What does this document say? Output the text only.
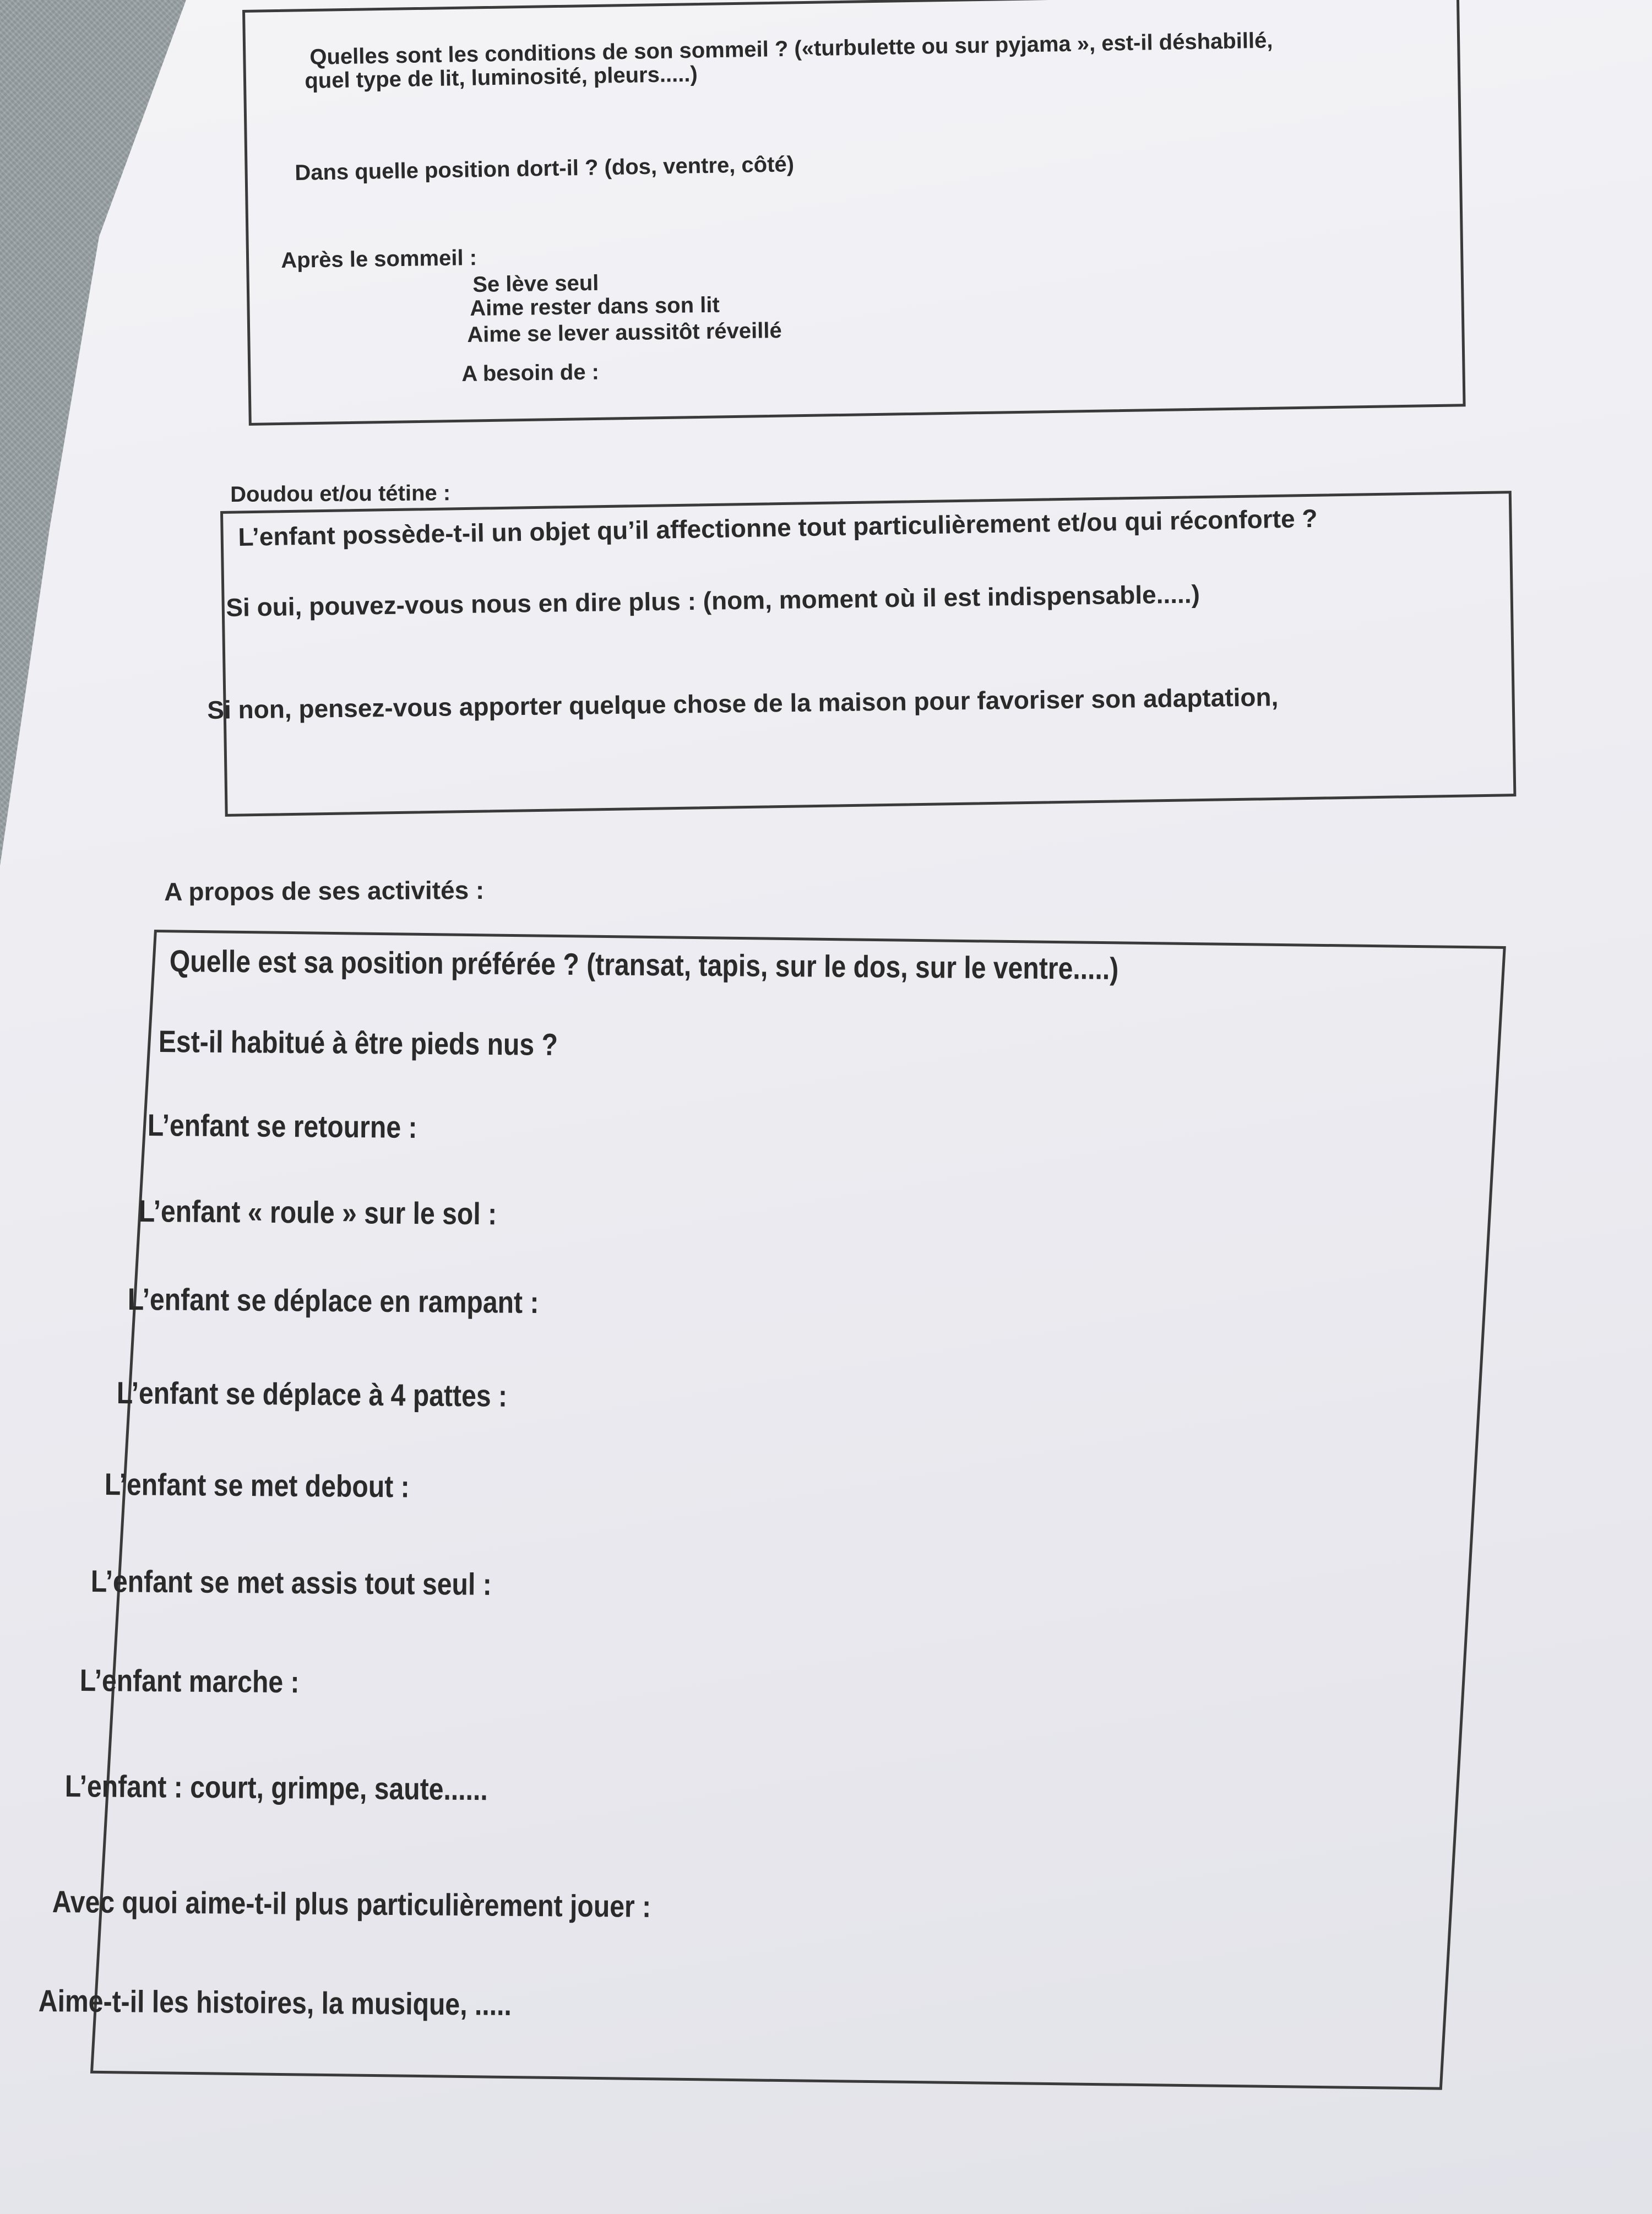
Quelles sont les conditions de son sommeil ? («turbulette ou sur pyjama », est-il déshabillé,
quel type de lit, luminosité, pleurs.....)
Dans quelle position dort-il ? (dos, ventre, côté)
Après le sommeil :
Se lève seul
Aime rester dans son lit
Aime se lever aussitôt réveillé
A besoin de :
Doudou et/ou tétine :
L’enfant possède-t-il un objet qu’il affectionne tout particulièrement et/ou qui réconforte ?
Si oui, pouvez-vous nous en dire plus : (nom, moment où il est indispensable.....)
Si non, pensez-vous apporter quelque chose de la maison pour favoriser son adaptation,
A propos de ses activités :
Quelle est sa position préférée ? (transat, tapis, sur le dos, sur le ventre.....)
Est-il habitué à être pieds nus ?
L’enfant se retourne :
L’enfant « roule » sur le sol :
L’enfant se déplace en rampant :
L’enfant se déplace à 4 pattes :
L’enfant se met debout :
L’enfant se met assis tout seul :
L’enfant marche :
L’enfant : court, grimpe, saute......
Avec quoi aime-t-il plus particulièrement jouer :
Aime-t-il les histoires, la musique, .....
